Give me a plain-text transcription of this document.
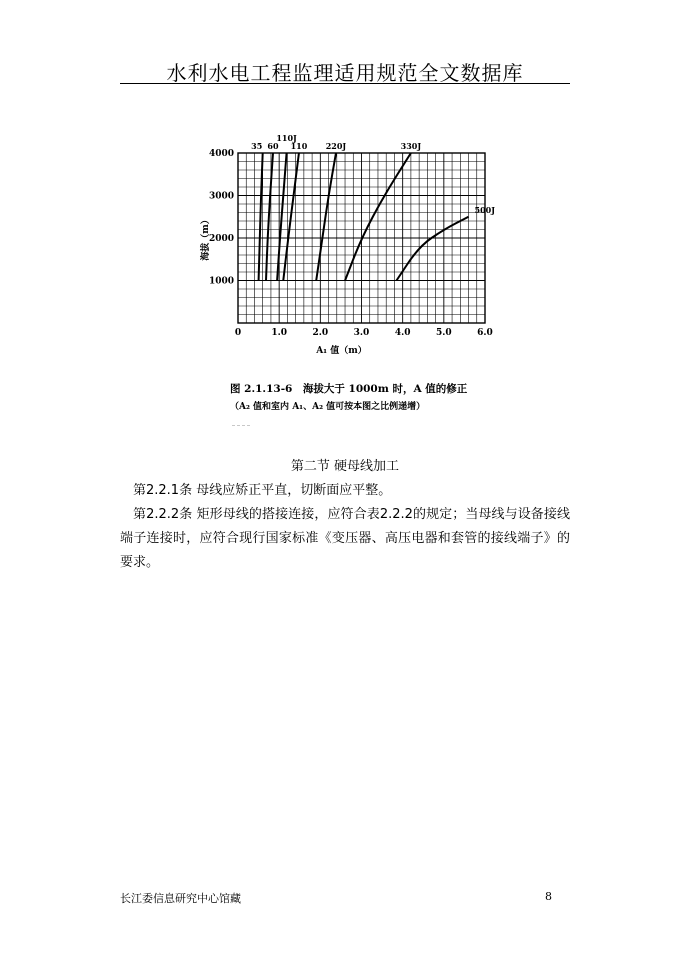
水利水电工程监理适用规范全文数据库
0	1.0	2.0	3.0	4.0	5.0	6.0
1000
2000
3000
4000
A₁ 值（m）
海拔（m）
35 60
110J
110 220J	330J
500J
图 2.1.13-6　海拔大于 1000m 时，A 值的修正
（A₂ 值和室内 A₁、A₂ 值可按本图之比例递增）
第二节 硬母线加工
第2.2.1条 母线应矫正平直，切断面应平整。
第2.2.2条 矩形母线的搭接连接，应符合表2.2.2的规定；当母线与设备接线 端子连接时，应符合现行国家标准《变压器、高压电器和套管的接线端子》的要求。
长江委信息研究中心馆藏	8
